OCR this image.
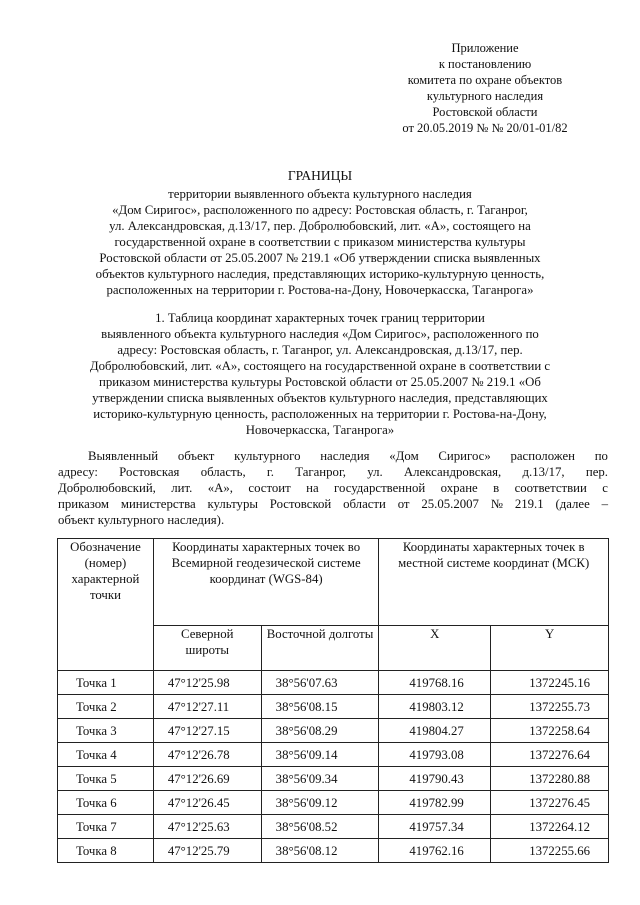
Приложение
к постановлению
комитета по охране объектов
культурного наследия
Ростовской области
от 20.05.2019 № № 20/01-01/82
ГРАНИЦЫ
территории выявленного объекта культурного наследия
«Дом Сиригос», расположенного по адресу: Ростовская область, г. Таганрог,
ул. Александровская, д.13/17, пер. Добролюбовский, лит. «А», состоящего на
государственной охране в соответствии с приказом министерства культуры
Ростовской области от 25.05.2007 № 219.1 «Об утверждении списка выявленных
объектов культурного наследия, представляющих историко-культурную ценность,
расположенных на территории г. Ростова-на-Дону, Новочеркасска, Таганрога»
1. Таблица координат характерных точек границ территории
выявленного объекта культурного наследия «Дом Сиригос», расположенного по
адресу: Ростовская область, г. Таганрог, ул. Александровская, д.13/17, пер.
Добролюбовский, лит. «А», состоящего на государственной охране в соответствии с
приказом министерства культуры Ростовской области от 25.05.2007 № 219.1 «Об
утверждении списка выявленных объектов культурного наследия, представляющих
историко-культурную ценность, расположенных на территории г. Ростова-на-Дону,
Новочеркасска, Таганрога»
Выявленный объект культурного наследия «Дом Сиригос» расположен по
адресу: Ростовская область, г. Таганрог, ул. Александровская, д.13/17, пер.
Добролюбовский, лит. «А», состоит на государственной охране в соответствии с
приказом министерства культуры Ростовской области от 25.05.2007 № 219.1 (далее –
объект культурного наследия).
Обозначение (номер) характерной точки	Координаты характерных точек во Всемирной геодезической системе координат (WGS-84)		Координаты характерных точек в местной системе координат (МСК)	
	Северной широты	Восточной долготы	X	Y
Точка 1	47°12'25.98	38°56'07.63	419768.16	1372245.16
Точка 2	47°12'27.11	38°56'08.15	419803.12	1372255.73
Точка 3	47°12'27.15	38°56'08.29	419804.27	1372258.64
Точка 4	47°12'26.78	38°56'09.14	419793.08	1372276.64
Точка 5	47°12'26.69	38°56'09.34	419790.43	1372280.88
Точка 6	47°12'26.45	38°56'09.12	419782.99	1372276.45
Точка 7	47°12'25.63	38°56'08.52	419757.34	1372264.12
Точка 8	47°12'25.79	38°56'08.12	419762.16	1372255.66
